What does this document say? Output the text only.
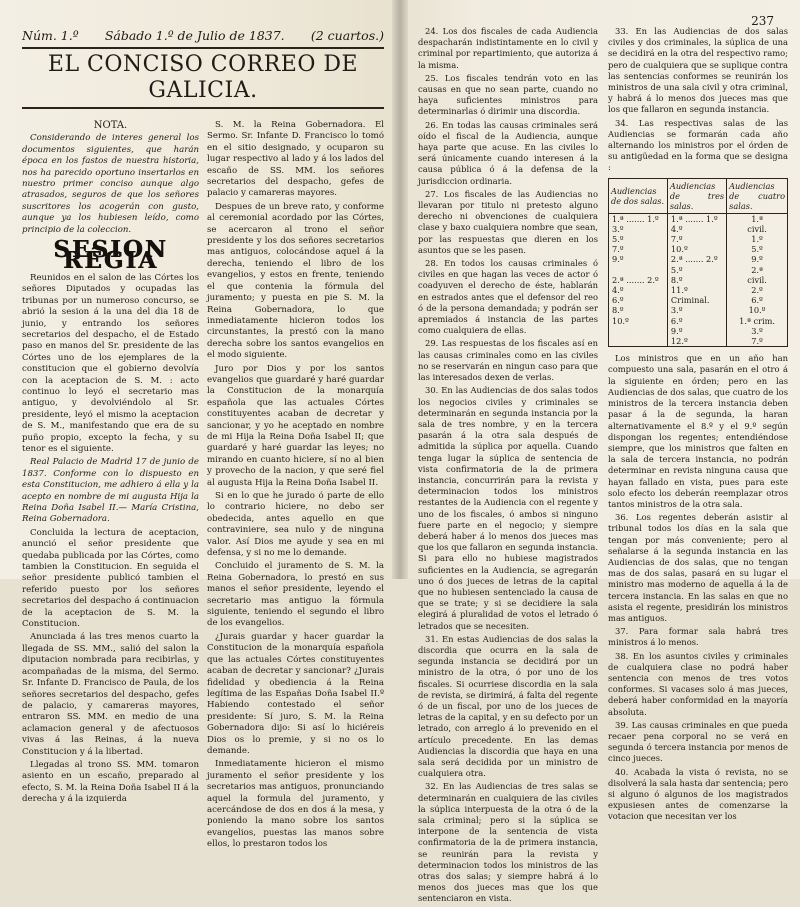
Núm. 1.º Sábado 1.º de Julio de 1837. (2 cuartos.)
EL CONCISO CORREO DE GALICIA.
NOTA.

Considerando de interes general los documentos siguientes, que harán época en los fastos de nuestra historia, nos ha parecido oportuno insertarlos en nuestro primer conciso aunque algo atrasados, seguros de que los señores suscritores los acogerán con gusto, aunque ya los hubiesen leído, como principio de la coleccion.

SESION RÉGIA

Reunidos en el salon de las Córtes los señores Diputados y ocupadas las tribunas por un numeroso concurso, se abrió la sesion á la una del dia 18 de junio, y entrando los señores secretarios del despacho, el de Estado paso en manos del Sr. presidente de las Córtes uno de los ejemplares de la constitucion que el gobierno devolvía con la aceptacion de S. M. : acto continuo lo leyó el secretario mas antiguo, y devolviéndolo al Sr. presidente, leyó el mismo la aceptacion de S. M., manifestando que era de su puño propio, excepto la fecha, y su tenor es el siguiente.

Real Palacio de Madrid 17 de junio de 1837. Conforme con lo dispuesto en esta Constitucion, me adhiero á ella y la acepto en nombre de mi augusta Hija la Reina Doña Isabel II.— María Cristina, Reina Gobernadora.

Concluida la lectura de aceptacion, anunció el señor presidente que quedaba publicada por las Córtes, como tambien la Constitucion. En seguida el señor presidente publicó tambien el referido puesto por los señores secretarios del despacho á continuacion de la aceptacion de S. M. la Constitucion.

Anunciada á las tres menos cuarto la llegada de SS. MM., salió del salon la diputacion nombrada para recibirlas, y acompañadas de la misma, del Sermo. Sr. Infante D. Francisco de Paula, de los señores secretarios del despacho, gefes de palacio, y camareras mayores, entraron SS. MM. en medio de una aclamacion general y de afectuosos vivas á las Reinas, á la nueva Constitucion y á la libertad.

Llegadas al trono SS. MM. tomaron asiento en un escaño, preparado al efecto, S. M. la Reina Doña Isabel II á la derecha y á la izquierda

S. M. la Reina Gobernadora. El Sermo. Sr. Infante D. Francisco lo tomó en el sitio designado, y ocuparon su lugar respectivo al lado y á los lados del escaño de SS. MM. los señores secretarios del despacho, gefes de palacio y camareras mayores.

Despues de un breve rato, y conforme al ceremonial acordado por las Córtes, se acercaron al trono el señor presidente y los dos señores secretarios mas antiguos, colocándose aquel á la derecha, teniendo el libro de los evangelios, y estos en frente, teniendo el que contenia la fórmula del juramento; y puesta en pie S. M. la Reina Gobernadora, lo que inmediatamente hicieron todos los circunstantes, la prestó con la mano derecha sobre los santos evangelios en el modo siguiente.

Juro por Dios y por los santos evangelios que guardaré y haré guardar la Constitucion de la monarquía española que las actuales Córtes constituyentes acaban de decretar y sancionar, y yo he aceptado en nombre de mi Hija la Reina Doña Isabel II; que guardaré y haré guardar las leyes; no mirando en cuanto hiciere, sí no al bien y provecho de la nacion, y que seré fiel al augusta Hija la Reina Doña Isabel II.

Si en lo que he jurado ó parte de ello lo contrario hiciere, no debo ser obedecida, antes aquello en que contraviniere, sea nulo y de ninguna valor. Así Dios me ayude y sea en mi defensa, y si no me lo demande.

Concluido el juramento de S. M. la Reina Gobernadora, lo prestó en sus manos el señor presidente, leyendo el secretario mas antiguo la fórmula siguiente, teniendo el segundo el libro de los evangelios.

¿Jurais guardar y hacer guardar la Constitucion de la monarquía española que las actuales Córtes constituyentes acaban de decretar y sancionar? ¿Jurais fidelidad y obediencia á la Reina legítima de las Españas Doña Isabel II.º Habiendo contestado el señor presidente: Sí juro, S. M. la Reina Gobernadora dijo: Si así lo hiciéreis Dios os lo premie, y si no os lo demande.

Inmediatamente hicieron el mismo juramento el señor presidente y los secretarios mas antiguos, pronunciando aquel la formula del juramento, y acercándose de dos en dos á la mesa, y poniendo la mano sobre los santos evangelios, puestas las manos sobre ellos, lo prestaron todos los

237

24. Los dos fiscales de cada Audiencia despacharán indistintamente en lo civil y criminal por repartimiento, que autoriza á la misma.

25. Los fiscales tendrán voto en las causas en que no sean parte, cuando no haya suficientes ministros para determinarlas ó dirimir una discordia.

26. En todas las causas criminales será oído el fiscal de la Audiencia, aunque haya parte que acuse. En las civiles lo será únicamente cuando interesen á la causa pública ó á la defensa de la jurisdiccion ordinaria.

27. Los fiscales de las Audiencias no llevaran por titulo ni pretesto alguno derecho ni obvenciones de cualquiera clase y baxo cualquiera nombre que sean, por las respuestas que dieren en los asuntos que se les pasen.

28. En todos los causas criminales ó civiles en que hagan las veces de actor ó coadyuven el derecho de éste, hablarán en estrados antes que el defensor del reo ó de la persona demandada; y podrán ser apremiados á instancia de las partes como cualquiera de ellas.

29. Las respuestas de los fiscales así en las causas criminales como en las civiles no se reservarán en ningun caso para que las interesados dexen de verlas.

30. En las Audiencias de dos salas todos los negocios civiles y criminales se determinarán en segunda instancia por la sala de tres nombre, y en la tercera pasarán á la otra sala después de admitida la súplica por aquella. Cuando tenga lugar la súplica de sentencia de vista confirmatoria de la de primera instancia, concurrirán para la revista y determinacion todos los ministros restantes de la Audiencia con el regente y uno de los fiscales, ó ambos si ninguno fuere parte en el negocio; y siempre deberá haber á lo menos dos jueces mas que los que fallaron en segunda instancia. Si para ello no hubiese magistrados suficientes en la Audiencia, se agregarán uno ó dos jueces de letras de la capital que no hubiesen sentenciado la causa de que se trate; y si se decidiere la sala elegirá á pluralidad de votos el letrado ó letrados que se necesiten.

31. En estas Audiencias de dos salas la discordia que ocurra en la sala de segunda instancia se decidirá por un ministro de la otra, ó por uno de los fiscales. Si ocurriese discordia en la sala de revista, se dirimirá, á falta del regente ó de un fiscal, por uno de los jueces de letras de la capital, y en su defecto por un letrado, con arreglo á lo prevenido en el artículo precedente. En las demas Audiencias la discordia que haya en una sala será decidida por un ministro de cualquiera otra.

32. En las Audiencias de tres salas se determinarán en cualquiera de las civiles la súplica interpuesta de la otra ó de la sala criminal; pero si la súplica se interpone de la sentencia de vista confirmatoria de la de primera instancia, se reunirán para la revista y determinacion todos los ministros de las otras dos salas; y siempre habrá á lo menos dos jueces mas que los que sentenciaron en vista.

33. En las Audiencias de dos salas civiles y dos criminales, la súplica de una se decidirá en la otra del respectivo ramo; pero de cualquiera que se suplique contra las sentencias conformes se reunirán los ministros de una sala civil y otra criminal, y habrá á lo menos dos jueces mas que los que fallaron en segunda instancia.

34. Las respectivas salas de las Audiencias se formarán cada año alternando los ministros por el órden de su antigüedad en la forma que se designa :

Audiencias de dos salas.	Audiencias de tres salas.	Audiencias de cuatro salas.
1.ª ....... 1.º	1.ª ....... 1.º	1.ª
3.º	4.º	civil.
5.º	7.º	1.º
7.º	10.º	5.º
9.º	2.ª ....... 2.º	9.º
	5.º	2.ª
2.ª ....... 2.º	8.º	civil.
4.º	11.º	2.º
6.º	Criminal.	6.º
8.º	3.º	10.º
10.º	6.º	1.ª crim.
	9.º	3.º
	12.º	7.º

Los ministros que en un año han compuesto una sala, pasarán en el otro á la siguiente en órden; pero en las Audiencias de dos salas, que cuatro de los ministros de la tercera instancia deben pasar á la de segunda, la haran alternativamente el 8.º y el 9.º según dispongan los regentes; entendiéndose siempre, que los ministros que falten en la sala de tercera instancia, no podrán determinar en revista ninguna causa que hayan fallado en vista, pues para este solo efecto los deberán reemplazar otros tantos ministros de la otra sala.

36. Los regentes deberán asistir al tribunal todos los días en la sala que tengan por más conveniente; pero al señalarse á la segunda instancia en las Audiencias de dos salas, que no tengan mas de dos salas, pasará en su lugar el ministro mas moderno de aquella á la de tercera instancia. En las salas en que no asista el regente, presidirán los ministros mas antiguos.

37. Para formar sala habrá tres ministros á lo menos.

38. En los asuntos civiles y criminales de cualquiera clase no podrá haber sentencia con menos de tres votos conformes. Si vacases solo á mas jueces, deberá haber conformidad en la mayoría absoluta.

39. Las causas criminales en que pueda recaer pena corporal no se verá en segunda ó tercera instancia por menos de cinco jueces.

40. Acabada la vista ó revista, no se disolverá la sala hasta dar sentencia; pero si alguno ó algunos de los magistrados expusiesen antes de comenzarse la votacion que necesitan ver los
